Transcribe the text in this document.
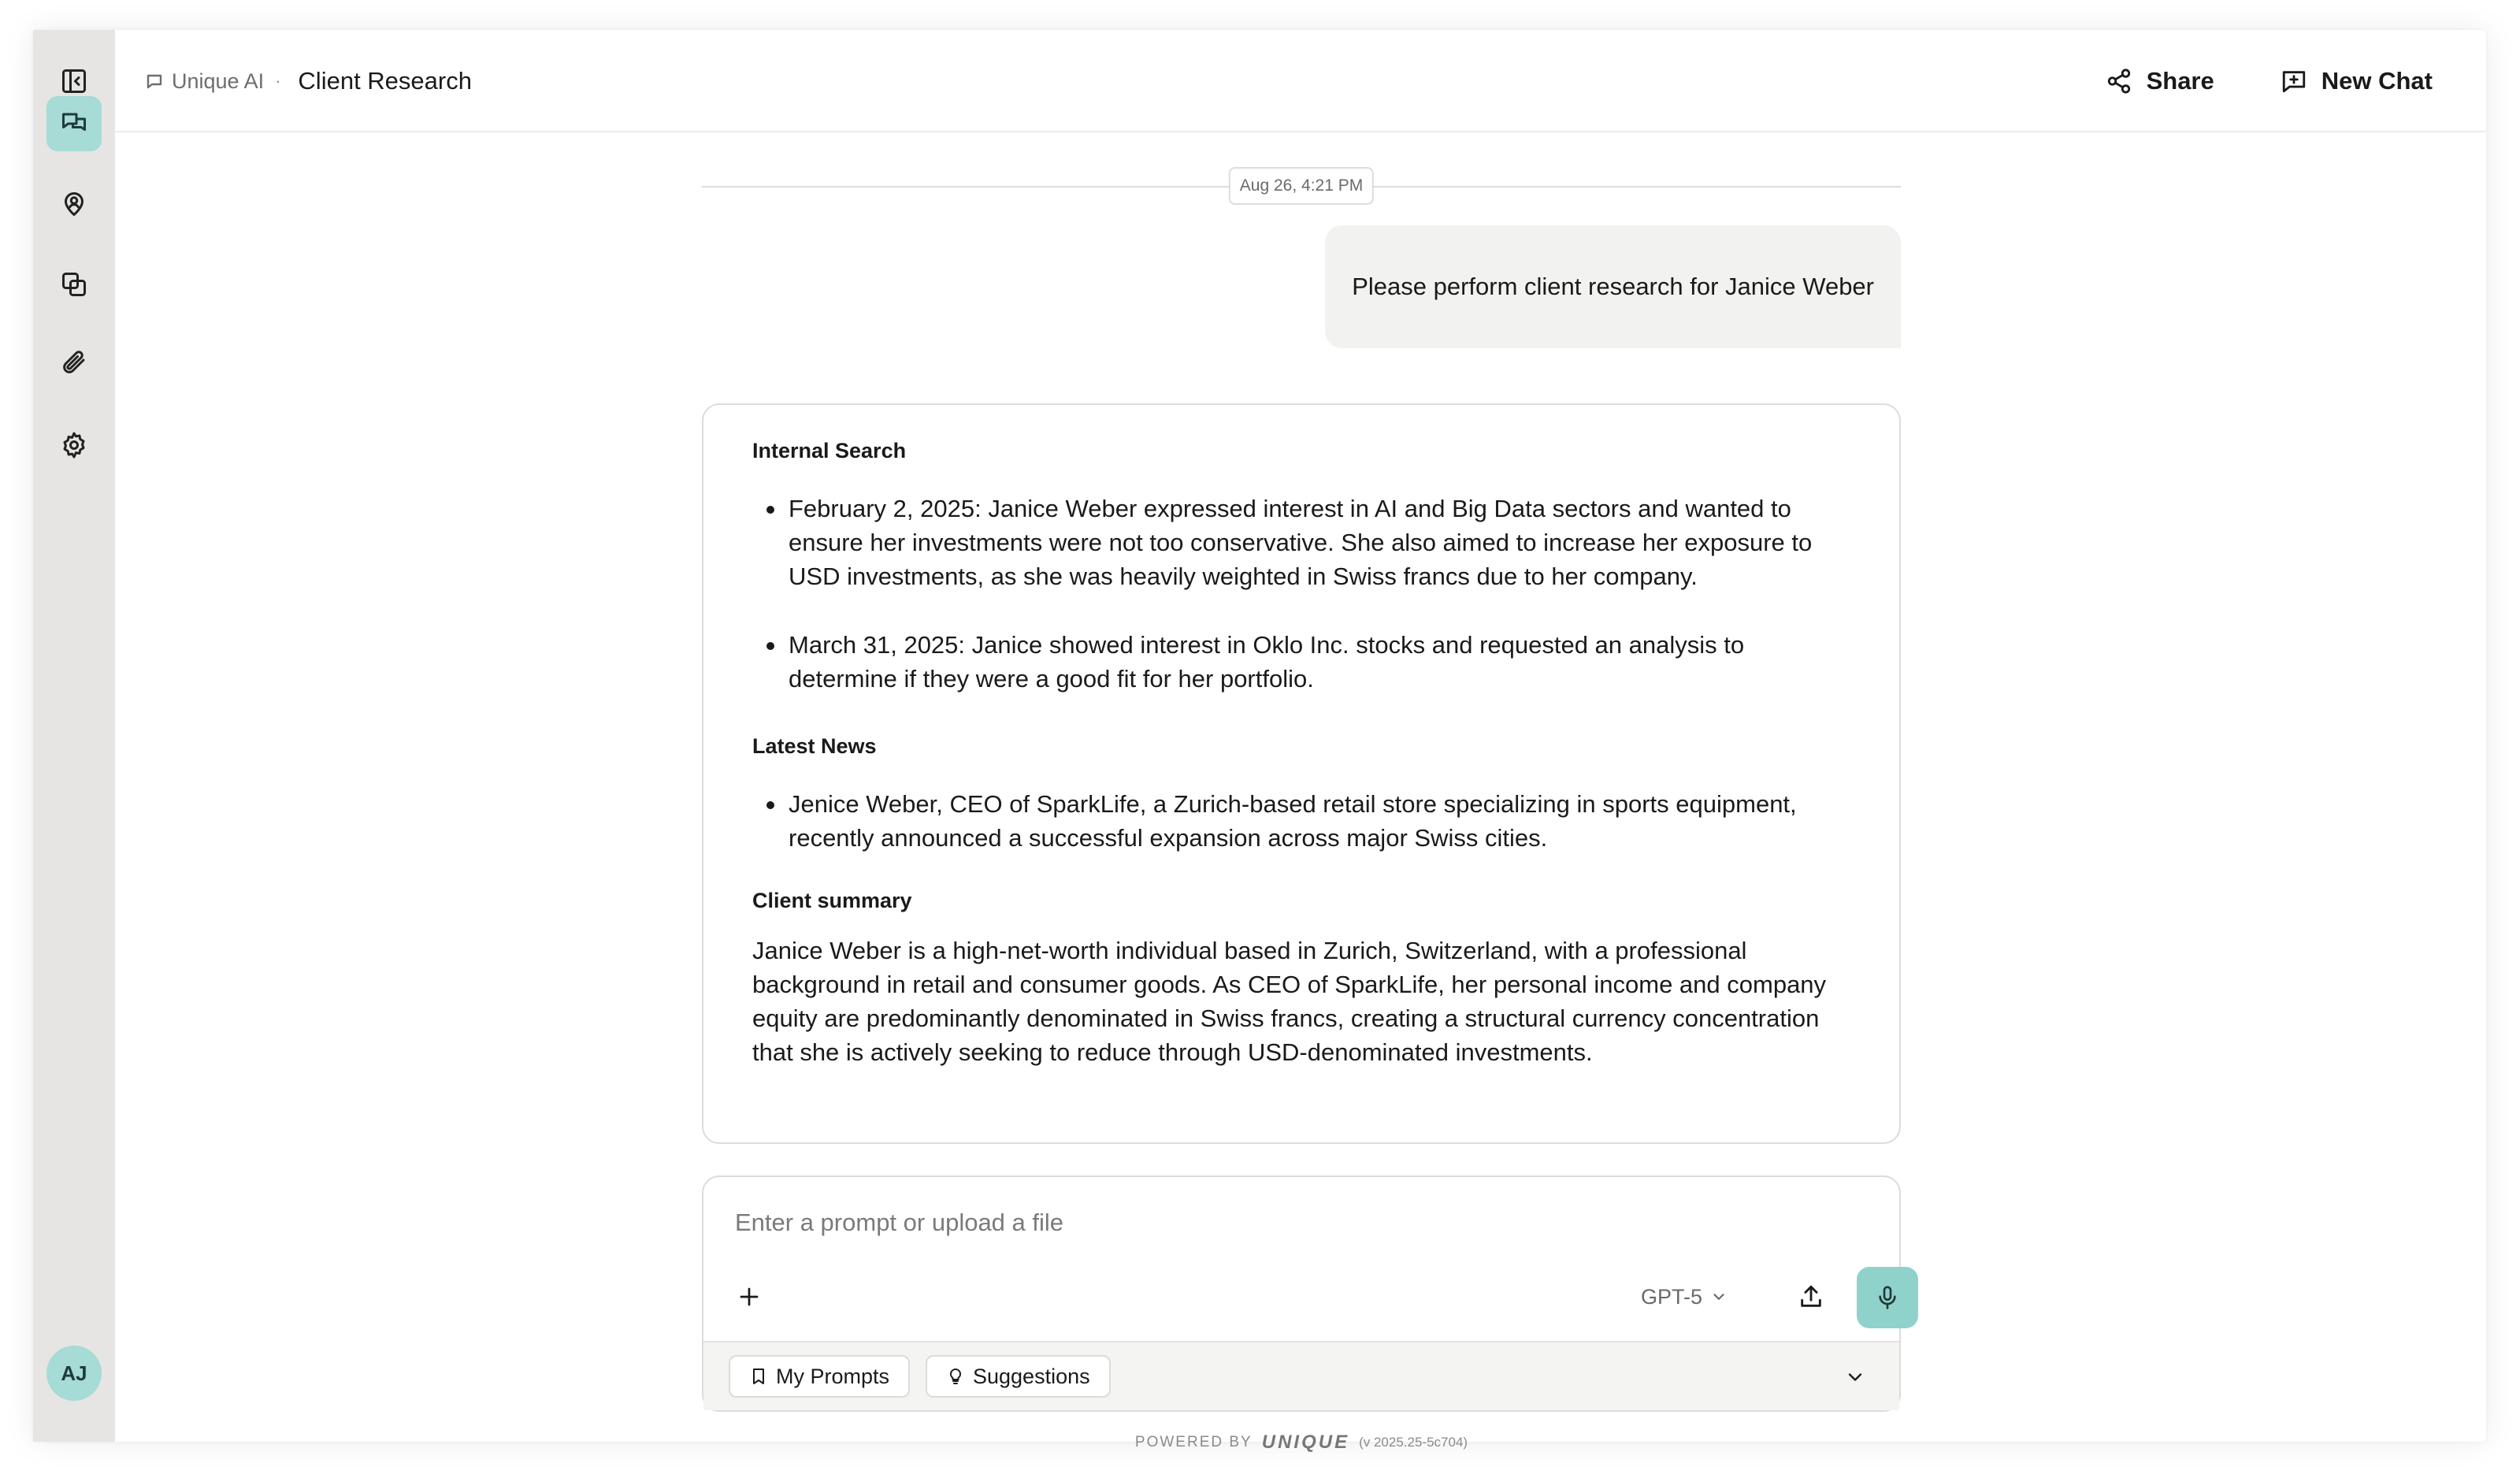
AJ
Unique AI · Client Research	Share	New Chat
Aug 26, 4:21 PM
Please perform client research for Janice Weber
Internal Search
February 2, 2025: Janice Weber expressed interest in AI and Big Data sectors and wanted to ensure her investments were not too conservative. She also aimed to increase her exposure to USD investments, as she was heavily weighted in Swiss francs due to her company.
March 31, 2025: Janice showed interest in Oklo Inc. stocks and requested an analysis to determine if they were a good fit for her portfolio.
Latest News
Jenice Weber, CEO of SparkLife, a Zurich-based retail store specializing in sports equipment, recently announced a successful expansion across major Swiss cities.
Client summary

Janice Weber is a high-net-worth individual based in Zurich, Switzerland, with a professional background in retail and consumer goods. As CEO of SparkLife, her personal income and company equity are predominantly denominated in Swiss francs, creating a structural currency concentration that she is actively seeking to reduce through USD-denominated investments.

Enter a prompt or upload a file
GPT-5
My Prompts	Suggestions
POWERED BY UNIQUE (v 2025.25-5c704)
